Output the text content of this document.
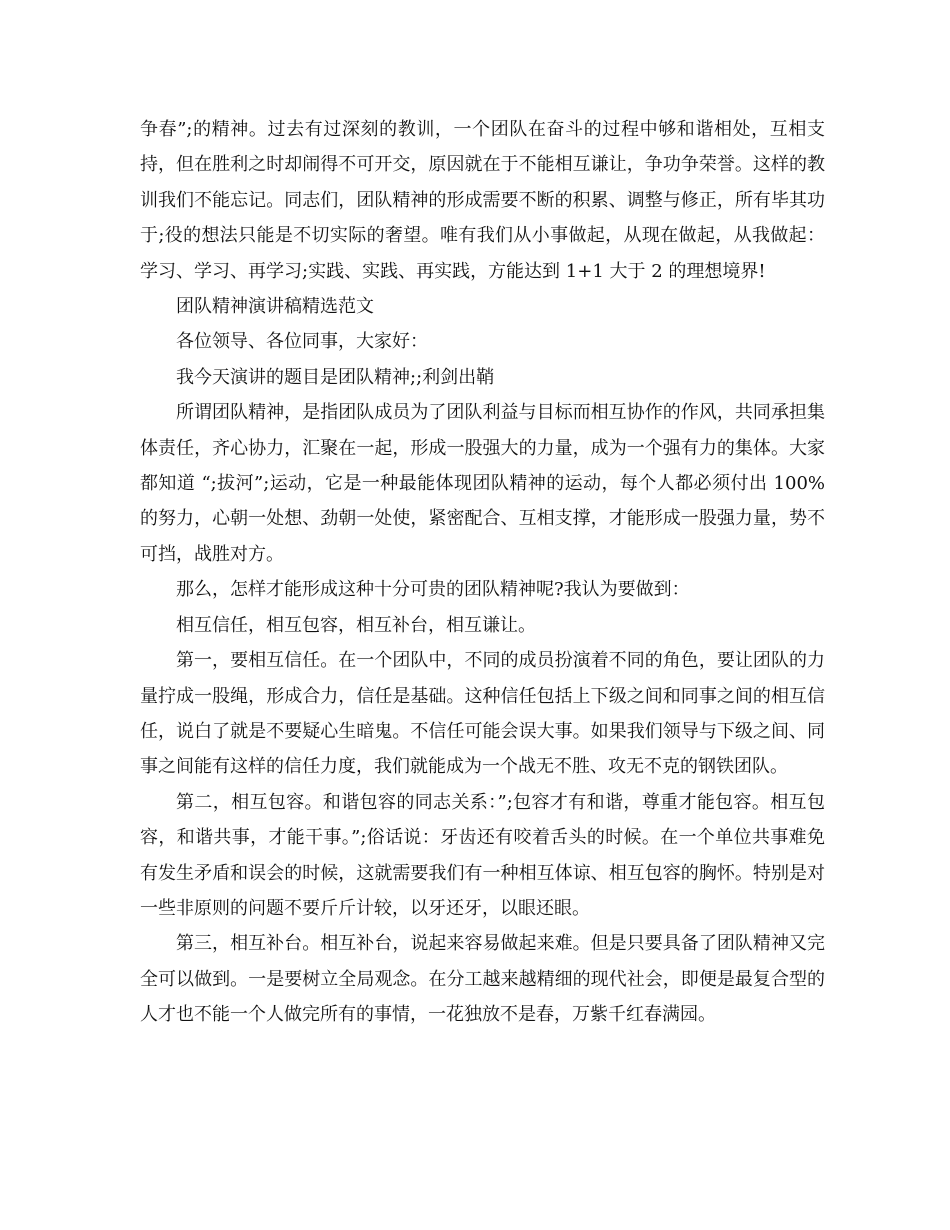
争春”;的精神。过去有过深刻的教训，一个团队在奋斗的过程中够和谐相处，互相支持，但在胜利之时却闹得不可开交，原因就在于不能相互谦让，争功争荣誉。这样的教训我们不能忘记。同志们，团队精神的形成需要不断的积累、调整与修正，所有毕其功于;役的想法只能是不切实际的奢望。唯有我们从小事做起，从现在做起，从我做起：学习、学习、再学习;实践、实践、再实践，方能达到 1+1 大于 2 的理想境界!

团队精神演讲稿精选范文

各位领导、各位同事，大家好：

我今天演讲的题目是团队精神;;利剑出鞘

所谓团队精神，是指团队成员为了团队利益与目标而相互协作的作风，共同承担集体责任，齐心协力，汇聚在一起，形成一股强大的力量，成为一个强有力的集体。大家都知道 “;拔河”;运动，它是一种最能体现团队精神的运动，每个人都必须付出 100%的努力，心朝一处想、劲朝一处使，紧密配合、互相支撑，才能形成一股强力量，势不可挡，战胜对方。

那么，怎样才能形成这种十分可贵的团队精神呢?我认为要做到：

相互信任，相互包容，相互补台，相互谦让。

第一，要相互信任。在一个团队中，不同的成员扮演着不同的角色，要让团队的力量拧成一股绳，形成合力，信任是基础。这种信任包括上下级之间和同事之间的相互信任，说白了就是不要疑心生暗鬼。不信任可能会误大事。如果我们领导与下级之间、同事之间能有这样的信任力度，我们就能成为一个战无不胜、攻无不克的钢铁团队。

第二，相互包容。和谐包容的同志关系：”;包容才有和谐，尊重才能包容。相互包容，和谐共事，才能干事。”;俗话说：牙齿还有咬着舌头的时候。在一个单位共事难免有发生矛盾和误会的时候，这就需要我们有一种相互体谅、相互包容的胸怀。特别是对一些非原则的问题不要斤斤计较，以牙还牙，以眼还眼。

第三，相互补台。相互补台，说起来容易做起来难。但是只要具备了团队精神又完全可以做到。一是要树立全局观念。在分工越来越精细的现代社会，即便是最复合型的人才也不能一个人做完所有的事情，一花独放不是春，万紫千红春满园。
